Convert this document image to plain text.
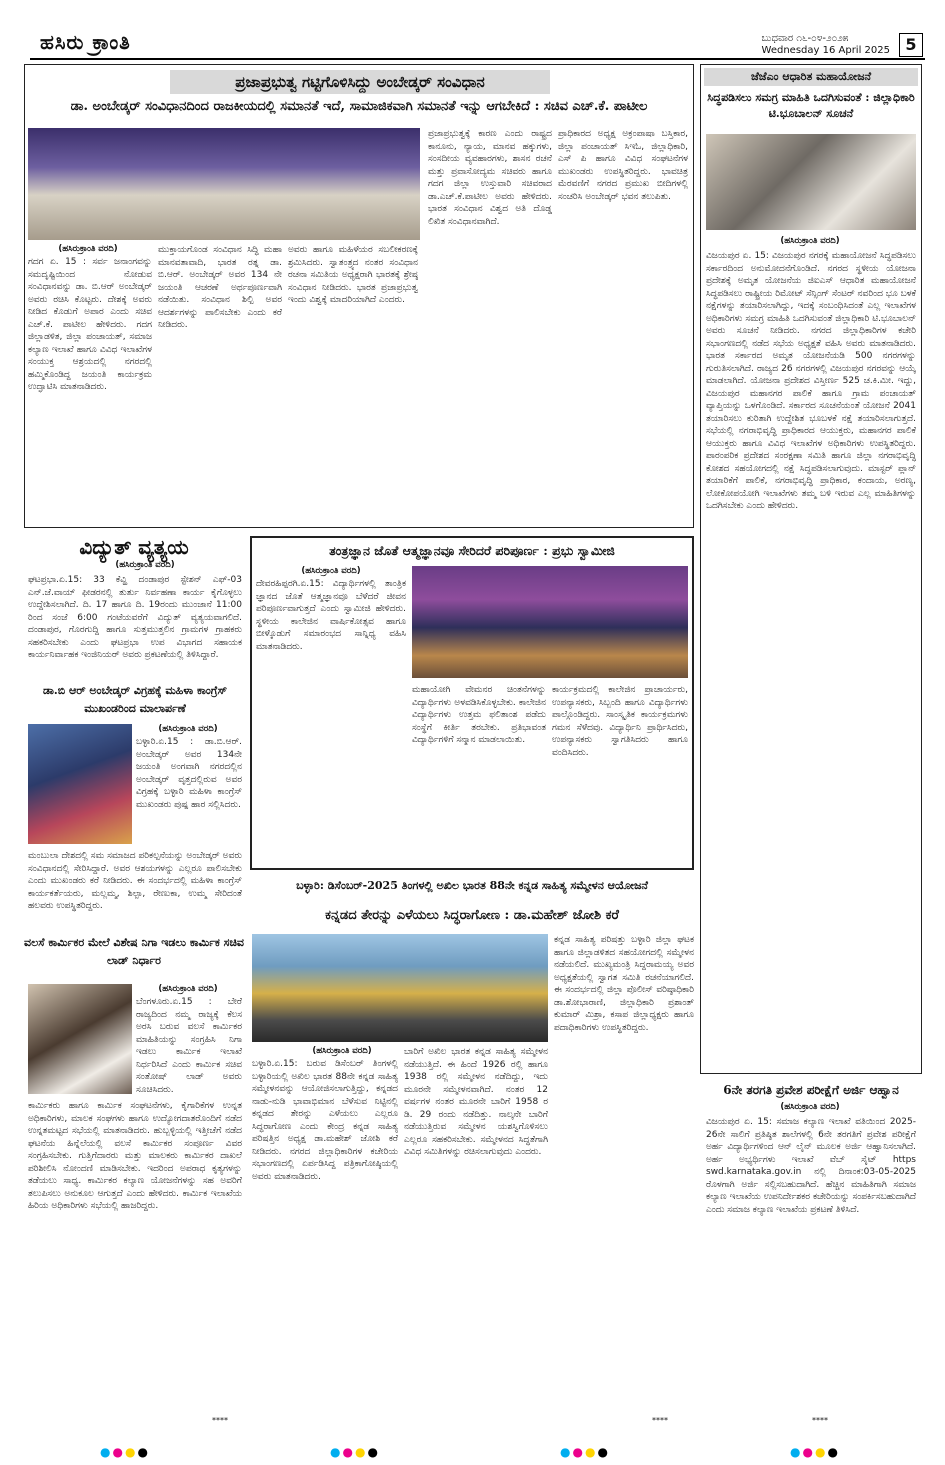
ಹಸಿರು ಕ್ರಾಂತಿ	ಬುಧವಾರ ೧೬-೦೪-೨೦೨೫
Wednesday 16 April 2025 5
ಪ್ರಜಾಪ್ರಭುತ್ವ ಗಟ್ಟಿಗೊಳಿಸಿದ್ದು ಅಂಬೇಡ್ಕರ್ ಸಂವಿಧಾನ
ಡಾ. ಅಂಬೇಡ್ಕರ್ ಸಂವಿಧಾನದಿಂದ ರಾಜಕೀಯದಲ್ಲಿ ಸಮಾನತೆ ಇದೆ, ಸಾಮಾಜಿಕವಾಗಿ ಸಮಾನತೆ ಇನ್ನು ಆಗಬೇಕಿದೆ : ಸಚಿವ ಎಚ್.ಕೆ. ಪಾಟೀಲ
(ಹಸಿರುಕ್ರಾಂತಿ ವರದಿ)
ಗದಗ ಏ. 15 : ಸರ್ವ ಜನಾಂಗವನ್ನು ಸಮದೃಷ್ಟಿಯಿಂದ ನೋಡುವ ಸಂವಿಧಾನವನ್ನು ಡಾ. ಬಿ.ಆರ್ ಅಂಬೇಡ್ಕರ್ ಅವರು ರಚಿಸಿ ಕೊಟ್ಟರು. ದೇಶಕ್ಕೆ ಅವರು ನೀಡಿದ ಕೊಡುಗೆ ಅಪಾರ ಎಂದು ಸಚಿವ ಎಚ್.ಕೆ. ಪಾಟೀಲ ಹೇಳಿದರು. ಗದಗ ಜಿಲ್ಲಾಡಳಿತ, ಜಿಲ್ಲಾ ಪಂಚಾಯತ್, ಸಮಾಜ ಕಲ್ಯಾಣ ಇಲಾಖೆ ಹಾಗೂ ವಿವಿಧ ಇಲಾಖೆಗಳ ಸಂಯುಕ್ತ ಆಶ್ರಯದಲ್ಲಿ ನಗರದಲ್ಲಿ ಹಮ್ಮಿಕೊಂಡಿದ್ದ ಜಯಂತಿ ಕಾರ್ಯಕ್ರಮ ಉದ್ಘಾಟಿಸಿ ಮಾತನಾಡಿದರು.
ಮುಕ್ತಾಯಗೊಂಡ ಸಂವಿಧಾನ ಸಿದ್ಧಿ ಮಹಾ ಮಾನವತಾವಾದಿ, ಭಾರತ ರತ್ನ ಡಾ. ಬಿ.ಆರ್. ಅಂಬೇಡ್ಕರ್ ಅವರ 134 ನೇ ಜಯಂತಿ ಆಚರಣೆ ಅರ್ಥಪೂರ್ಣವಾಗಿ ನಡೆಯಿತು. ಸಂವಿಧಾನ ಶಿಲ್ಪಿ ಅವರ ಆದರ್ಶಗಳನ್ನು ಪಾಲಿಸಬೇಕು ಎಂದು ಕರೆ ನೀಡಿದರು.
ಅವರು ಹಾಗೂ ಮಹಿಳೆಯರ ಸಬಲೀಕರಣಕ್ಕೆ ಶ್ರಮಿಸಿದರು. ಸ್ವಾತಂತ್ರ್ಯದ ನಂತರ ಸಂವಿಧಾನ ರಚನಾ ಸಮಿತಿಯ ಅಧ್ಯಕ್ಷರಾಗಿ ಭಾರತಕ್ಕೆ ಶ್ರೇಷ್ಠ ಸಂವಿಧಾನ ನೀಡಿದರು. ಭಾರತ ಪ್ರಜಾಪ್ರಭುತ್ವ ಇಂದು ವಿಶ್ವಕ್ಕೆ ಮಾದರಿಯಾಗಿದೆ ಎಂದರು.
ಪ್ರಜಾಪ್ರಭುತ್ವಕ್ಕೆ ಕಾರಣ ಎಂದು ರಾಷ್ಟ್ರದ ಕಾನೂನು, ನ್ಯಾಯ, ಮಾನವ ಹಕ್ಕುಗಳು, ಸಂಸದೀಯ ವ್ಯವಹಾರಗಳು, ಶಾಸನ ರಚನೆ ಮತ್ತು ಪ್ರವಾಸೋದ್ಯಮ ಸಚಿವರು ಹಾಗೂ ಗದಗ ಜಿಲ್ಲಾ ಉಸ್ತುವಾರಿ ಸಚಿವರಾದ ಡಾ.ಎಚ್.ಕೆ.ಪಾಟೀಲ ಅವರು ಹೇಳಿದರು. ಭಾರತ ಸಂವಿಧಾನ ವಿಶ್ವದ ಅತಿ ದೊಡ್ಡ ಲಿಖಿತ ಸಂವಿಧಾನವಾಗಿದೆ.
ಪ್ರಾಧಿಕಾರದ ಅಧ್ಯಕ್ಷ ಅಕ್ರಂಪಾಷಾ ಬಸ್ತಿಕಾರ, ಜಿಲ್ಲಾ ಪಂಚಾಯತ್ ಸಿಇಓ, ಜಿಲ್ಲಾಧಿಕಾರಿ, ಎಸ್ ಪಿ ಹಾಗೂ ವಿವಿಧ ಸಂಘಟನೆಗಳ ಮುಖಂಡರು ಉಪಸ್ಥಿತರಿದ್ದರು. ಭಾವಚಿತ್ರ ಮೆರವಣಿಗೆ ನಗರದ ಪ್ರಮುಖ ಬೀದಿಗಳಲ್ಲಿ ಸಂಚರಿಸಿ ಅಂಬೇಡ್ಕರ್ ಭವನ ತಲುಪಿತು.
ಜೆಜೆಎಂ ಆಧಾರಿತ ಮಹಾಯೋಜನೆ
ಸಿದ್ಧಪಡಿಸಲು ಸಮಗ್ರ ಮಾಹಿತಿ ಒದಗಿಸುವಂತೆ : ಜಿಲ್ಲಾಧಿಕಾರಿ ಟಿ.ಭೂಬಾಲನ್ ಸೂಚನೆ
(ಹಸಿರುಕ್ರಾಂತಿ ವರದಿ)
ವಿಜಯಪುರ ಏ. 15: ವಿಜಯಪುರ ನಗರಕ್ಕೆ ಮಹಾಯೋಜನೆ ಸಿದ್ಧಪಡಿಸಲು ಸರ್ಕಾರದಿಂದ ಅನುಮೋದನೆಗೊಂಡಿದೆ. ನಗರದ ಸ್ಥಳೀಯ ಯೋಜನಾ ಪ್ರದೇಶಕ್ಕೆ ಅಮೃತ ಯೋಜನೆಯ ಜಿಐಎಸ್ ಆಧಾರಿತ ಮಹಾಯೋಜನೆ ಸಿದ್ಧಪಡಿಸಲು ರಾಷ್ಟ್ರೀಯ ರಿಮೋಟ್ ಸೆನ್ಸಿಂಗ್ ಸೆಂಟರ್ ನವರಿಂದ ಭೂ ಬಳಕೆ ನಕ್ಷೆಗಳನ್ನು ತಯಾರಿಸಲಾಗಿದ್ದು, ಇದಕ್ಕೆ ಸಂಬಂಧಿಸಿದಂತೆ ಎಲ್ಲ ಇಲಾಖೆಗಳ ಅಧಿಕಾರಿಗಳು ಸಮಗ್ರ ಮಾಹಿತಿ ಒದಗಿಸುವಂತೆ ಜಿಲ್ಲಾಧಿಕಾರಿ ಟಿ.ಭೂಬಾಲನ್ ಅವರು ಸೂಚನೆ ನೀಡಿದರು. ನಗರದ ಜಿಲ್ಲಾಧಿಕಾರಿಗಳ ಕಚೇರಿ ಸಭಾಂಗಣದಲ್ಲಿ ನಡೆದ ಸಭೆಯ ಅಧ್ಯಕ್ಷತೆ ವಹಿಸಿ ಅವರು ಮಾತನಾಡಿದರು. ಭಾರತ ಸರ್ಕಾರದ ಅಮೃತ ಯೋಜನೆಯಡಿ 500 ನಗರಗಳನ್ನು ಗುರುತಿಸಲಾಗಿದೆ. ರಾಜ್ಯದ 26 ನಗರಗಳಲ್ಲಿ ವಿಜಯಪುರ ನಗರವನ್ನು ಆಯ್ಕೆ ಮಾಡಲಾಗಿದೆ. ಯೋಜನಾ ಪ್ರದೇಶದ ವಿಸ್ತೀರ್ಣ 525 ಚ.ಕಿ.ಮೀ. ಇದ್ದು, ವಿಜಯಪುರ ಮಹಾನಗರ ಪಾಲಿಕೆ ಹಾಗೂ ಗ್ರಾಮ ಪಂಚಾಯತ್ ವ್ಯಾಪ್ತಿಯನ್ನು ಒಳಗೊಂಡಿದೆ. ಸರ್ಕಾರದ ಸೂಚನೆಯಂತೆ ಯೋಜನೆ 2041 ತಯಾರಿಸಲು ಕುರಿತಾಗಿ ಉದ್ದೇಶಿತ ಭೂಬಳಕೆ ನಕ್ಷೆ ತಯಾರಿಸಲಾಗುತ್ತದೆ. ಸಭೆಯಲ್ಲಿ ನಗರಾಭಿವೃದ್ಧಿ ಪ್ರಾಧಿಕಾರದ ಆಯುಕ್ತರು, ಮಹಾನಗರ ಪಾಲಿಕೆ ಆಯುಕ್ತರು ಹಾಗೂ ವಿವಿಧ ಇಲಾಖೆಗಳ ಅಧಿಕಾರಿಗಳು ಉಪಸ್ಥಿತರಿದ್ದರು. ಪಾರಂಪರಿಕ ಪ್ರದೇಶದ ಸಂರಕ್ಷಣಾ ಸಮಿತಿ ಹಾಗೂ ಜಿಲ್ಲಾ ನಗರಾಭಿವೃದ್ಧಿ ಕೋಶದ ಸಹಯೋಗದಲ್ಲಿ ನಕ್ಷೆ ಸಿದ್ಧಪಡಿಸಲಾಗುವುದು. ಮಾಸ್ಟರ್ ಪ್ಲಾನ್ ತಯಾರಿಕೆಗೆ ಪಾಲಿಕೆ, ನಗರಾಭಿವೃದ್ಧಿ ಪ್ರಾಧಿಕಾರ, ಕಂದಾಯ, ಅರಣ್ಯ, ಲೋಕೋಪಯೋಗಿ ಇಲಾಖೆಗಳು ತಮ್ಮ ಬಳಿ ಇರುವ ಎಲ್ಲ ಮಾಹಿತಿಗಳನ್ನು ಒದಗಿಸಬೇಕು ಎಂದು ಹೇಳಿದರು.
6ನೇ ತರಗತಿ ಪ್ರವೇಶ ಪರೀಕ್ಷೆಗೆ ಅರ್ಜಿ ಆಹ್ವಾನ
(ಹಸಿರುಕ್ರಾಂತಿ ವರದಿ)
ವಿಜಯಪುರ ಏ. 15: ಸಮಾಜ ಕಲ್ಯಾಣ ಇಲಾಖೆ ವತಿಯಿಂದ 2025-26ನೇ ಸಾಲಿಗೆ ಪ್ರತಿಷ್ಠಿತ ಶಾಲೆಗಳಲ್ಲಿ 6ನೇ ತರಗತಿಗೆ ಪ್ರವೇಶ ಪರೀಕ್ಷೆಗೆ ಅರ್ಹ ವಿದ್ಯಾರ್ಥಿಗಳಿಂದ ಆನ್ ಲೈನ್ ಮೂಲಕ ಅರ್ಜಿ ಆಹ್ವಾನಿಸಲಾಗಿದೆ. ಅರ್ಹ ಅಭ್ಯರ್ಥಿಗಳು ಇಲಾಖೆ ವೆಬ್ ಸೈಟ್ https swd.karnataka.gov.in ನಲ್ಲಿ ದಿನಾಂಕ:03-05-2025 ರೊಳಗಾಗಿ ಅರ್ಜಿ ಸಲ್ಲಿಸಬಹುದಾಗಿದೆ. ಹೆಚ್ಚಿನ ಮಾಹಿತಿಗಾಗಿ ಸಮಾಜ ಕಲ್ಯಾಣ ಇಲಾಖೆಯ ಉಪನಿರ್ದೇಶಕರ ಕಚೇರಿಯನ್ನು ಸಂಪರ್ಕಿಸಬಹುದಾಗಿದೆ ಎಂದು ಸಮಾಜ ಕಲ್ಯಾಣ ಇಲಾಖೆಯ ಪ್ರಕಟಣೆ ತಿಳಿಸಿದೆ.
****
ವಿದ್ಯುತ್ ವ್ಯತ್ಯಯ
(ಹಸಿರುಕ್ರಾಂತಿ ವರದಿ)
ಘಟಪ್ರಭಾ.ಏ.15: 33 ಕೆವ್ಹಿ ದಂಡಾಪುರ ಸ್ಟೇಶನ್ ಎಫ್-03 ಎನ್.ಜೆ.ವಾಯ್ ಫೀಡರನಲ್ಲಿ ತುರ್ತು ನಿರ್ವಹಣಾ ಕಾರ್ಯ ಕೈಗೊಳ್ಳಲು ಉದ್ದೇಶಿಸಲಾಗಿದೆ. ದಿ. 17 ಹಾಗೂ ದಿ. 19ರಂದು ಮುಂಜಾನೆ 11:00 ರಿಂದ ಸಂಜೆ 6:00 ಗಂಟೆಯವರೆಗೆ ವಿದ್ಯುತ್ ವ್ಯತ್ಯಯವಾಗಲಿದೆ. ದಂಡಾಪುರ, ಗೊರಗುದ್ದಿ ಹಾಗೂ ಸುತ್ತಮುತ್ತಲಿನ ಗ್ರಾಮಗಳ ಗ್ರಾಹಕರು ಸಹಕರಿಸಬೇಕು ಎಂದು ಘಟಪ್ರಭಾ ಉಪ ವಿಭಾಗದ ಸಹಾಯಕ ಕಾರ್ಯನಿರ್ವಾಹಕ ಇಂಜಿನಿಯರ್ ಅವರು ಪ್ರಕಟಣೆಯಲ್ಲಿ ತಿಳಿಸಿದ್ದಾರೆ.
ಡಾ.ಬಿ ಆರ್ ಅಂಬೇಡ್ಕರ್ ವಿಗ್ರಹಕ್ಕೆ ಮಹಿಳಾ ಕಾಂಗ್ರೆಸ್ ಮುಖಂಡರಿಂದ ಮಾಲಾರ್ಪಣೆ
(ಹಸಿರುಕ್ರಾಂತಿ ವರದಿ)
ಬಳ್ಳಾರಿ.ಏ.15 : ಡಾ.ಬಿ.ಆರ್. ಅಂಬೇಡ್ಕರ್ ಅವರ 134ನೇ ಜಯಂತಿ ಅಂಗವಾಗಿ ನಗರದಲ್ಲಿನ ಅಂಬೇಡ್ಕರ್ ವೃತ್ತದಲ್ಲಿರುವ ಅವರ ವಿಗ್ರಹಕ್ಕೆ ಬಳ್ಳಾರಿ ಮಹಿಳಾ ಕಾಂಗ್ರೆಸ್ ಮುಖಂಡರು ಪುಷ್ಪ ಹಾರ ಸಲ್ಲಿಸಿದರು.
ಮಂಬುಲಾ ದೇಶದಲ್ಲಿ ಸಮ ಸಮಾಜದ ಪರಿಕಲ್ಪನೆಯನ್ನು ಅಂಬೇಡ್ಕರ್ ಅವರು ಸಂವಿಧಾನದಲ್ಲಿ ಸೇರಿಸಿದ್ದಾರೆ. ಅವರ ಆಶಯಗಳನ್ನು ಎಲ್ಲರೂ ಪಾಲಿಸಬೇಕು ಎಂದು ಮುಖಂಡರು ಕರೆ ನೀಡಿದರು. ಈ ಸಂದರ್ಭದಲ್ಲಿ ಮಹಿಳಾ ಕಾಂಗ್ರೆಸ್ ಕಾರ್ಯಕರ್ತೆಯರು, ಮಲ್ಲಮ್ಮ, ಶಿಲ್ಪಾ, ರೇಣುಕಾ, ಉಮ್ಮ ಸೇರಿದಂತೆ ಹಲವರು ಉಪಸ್ಥಿತರಿದ್ದರು.
ವಲಸೆ ಕಾರ್ಮಿಕರ ಮೇಲೆ ವಿಶೇಷ ನಿಗಾ ಇಡಲು ಕಾರ್ಮಿಕ ಸಚಿವ ಲಾಡ್ ನಿರ್ಧಾರ
(ಹಸಿರುಕ್ರಾಂತಿ ವರದಿ)
ಬೆಂಗಳೂರು.ಏ.15 : ಬೇರೆ ರಾಜ್ಯದಿಂದ ನಮ್ಮ ರಾಜ್ಯಕ್ಕೆ ಕೆಲಸ ಅರಸಿ ಬರುವ ವಲಸೆ ಕಾರ್ಮಿಕರ ಮಾಹಿತಿಯನ್ನು ಸಂಗ್ರಹಿಸಿ ನಿಗಾ ಇಡಲು ಕಾರ್ಮಿಕ ಇಲಾಖೆ ನಿರ್ಧರಿಸಿದೆ ಎಂದು ಕಾರ್ಮಿಕ ಸಚಿವ ಸಂತೋಷ್ ಲಾಡ್ ಅವರು ಸೂಚಿಸಿದರು.
ಕಾರ್ಮಿಕರು ಹಾಗೂ ಕಾರ್ಮಿಕ ಸಂಘಟನೆಗಳು, ಕೈಗಾರಿಕೆಗಳ ಉನ್ನತ ಅಧಿಕಾರಿಗಳು, ಮಾಲಕ ಸಂಘಗಳು ಹಾಗೂ ಉದ್ಯೋಗದಾತರೊಂದಿಗೆ ನಡೆದ ಉನ್ನತಮಟ್ಟದ ಸಭೆಯಲ್ಲಿ ಮಾತನಾಡಿದರು. ಹುಬ್ಬಳ್ಳಿಯಲ್ಲಿ ಇತ್ತೀಚೆಗೆ ನಡೆದ ಘಟನೆಯ ಹಿನ್ನೆಲೆಯಲ್ಲಿ ವಲಸೆ ಕಾರ್ಮಿಕರ ಸಂಪೂರ್ಣ ವಿವರ ಸಂಗ್ರಹಿಸಬೇಕು. ಗುತ್ತಿಗೆದಾರರು ಮತ್ತು ಮಾಲಕರು ಕಾರ್ಮಿಕರ ದಾಖಲೆ ಪರಿಶೀಲಿಸಿ ನೋಂದಣಿ ಮಾಡಿಸಬೇಕು. ಇದರಿಂದ ಅಪರಾಧ ಕೃತ್ಯಗಳನ್ನು ತಡೆಯಲು ಸಾಧ್ಯ. ಕಾರ್ಮಿಕರ ಕಲ್ಯಾಣ ಯೋಜನೆಗಳನ್ನು ಸಹ ಅವರಿಗೆ ತಲುಪಿಸಲು ಅನುಕೂಲ ಆಗುತ್ತದೆ ಎಂದು ಹೇಳಿದರು. ಕಾರ್ಮಿಕ ಇಲಾಖೆಯ ಹಿರಿಯ ಅಧಿಕಾರಿಗಳು ಸಭೆಯಲ್ಲಿ ಹಾಜರಿದ್ದರು.
****
ತಂತ್ರಜ್ಞಾನ ಜೊತೆ ಆತ್ಮಜ್ಞಾನವೂ ಸೇರಿದರೆ ಪರಿಪೂರ್ಣ : ಪ್ರಭು ಸ್ವಾಮೀಜಿ
(ಹಸಿರುಕ್ರಾಂತಿ ವರದಿ)
ದೇವರಹಿಪ್ಪರಗಿ.ಏ.15: ವಿದ್ಯಾರ್ಥಿಗಳಲ್ಲಿ ತಾಂತ್ರಿಕ ಜ್ಞಾನದ ಜೊತೆ ಆತ್ಮಜ್ಞಾನವೂ ಬೆಳೆದರೆ ಜೀವನ ಪರಿಪೂರ್ಣವಾಗುತ್ತದೆ ಎಂದು ಸ್ವಾಮೀಜಿ ಹೇಳಿದರು. ಸ್ಥಳೀಯ ಕಾಲೇಜಿನ ವಾರ್ಷಿಕೋತ್ಸವ ಹಾಗೂ ಬೀಳ್ಕೊಡುಗೆ ಸಮಾರಂಭದ ಸಾನ್ನಿಧ್ಯ ವಹಿಸಿ ಮಾತನಾಡಿದರು.
ಮಹಾಯೋಗಿ ವೇಮನರ ಚಿಂತನೆಗಳನ್ನು ವಿದ್ಯಾರ್ಥಿಗಳು ಅಳವಡಿಸಿಕೊಳ್ಳಬೇಕು. ಕಾಲೇಜಿನ ವಿದ್ಯಾರ್ಥಿಗಳು ಉತ್ತಮ ಫಲಿತಾಂಶ ಪಡೆದು ಸಂಸ್ಥೆಗೆ ಕೀರ್ತಿ ತರಬೇಕು. ಪ್ರತಿಭಾವಂತ ವಿದ್ಯಾರ್ಥಿಗಳಿಗೆ ಸನ್ಮಾನ ಮಾಡಲಾಯಿತು.
ಕಾರ್ಯಕ್ರಮದಲ್ಲಿ ಕಾಲೇಜಿನ ಪ್ರಾಚಾರ್ಯರು, ಉಪನ್ಯಾಸಕರು, ಸಿಬ್ಬಂದಿ ಹಾಗೂ ವಿದ್ಯಾರ್ಥಿಗಳು ಪಾಲ್ಗೊಂಡಿದ್ದರು. ಸಾಂಸ್ಕೃತಿಕ ಕಾರ್ಯಕ್ರಮಗಳು ಗಮನ ಸೆಳೆದವು. ವಿದ್ಯಾರ್ಥಿನಿ ಪ್ರಾರ್ಥಿಸಿದರು, ಉಪನ್ಯಾಸಕರು ಸ್ವಾಗತಿಸಿದರು ಹಾಗೂ ವಂದಿಸಿದರು.
ಬಳ್ಳಾರಿ: ಡಿಸೆಂಬರ್-2025 ತಿಂಗಳಲ್ಲಿ ಅಖಿಲ ಭಾರತ 88ನೇ ಕನ್ನಡ ಸಾಹಿತ್ಯ ಸಮ್ಮೇಳನ ಆಯೋಜನೆ
ಕನ್ನಡದ ತೇರನ್ನು ಎಳೆಯಲು ಸಿದ್ಧರಾಗೋಣ : ಡಾ.ಮಹೇಶ್ ಜೋಶಿ ಕರೆ
(ಹಸಿರುಕ್ರಾಂತಿ ವರದಿ)
ಬಳ್ಳಾರಿ.ಏ.15: ಬರುವ ಡಿಸೆಂಬರ್ ತಿಂಗಳಲ್ಲಿ ಬಳ್ಳಾರಿಯಲ್ಲಿ ಅಖಿಲ ಭಾರತ 88ನೇ ಕನ್ನಡ ಸಾಹಿತ್ಯ ಸಮ್ಮೇಳನವನ್ನು ಆಯೋಜಿಸಲಾಗುತ್ತಿದ್ದು, ಕನ್ನಡದ ನಾಡು-ನುಡಿ ಭಾವಾಭಿಮಾನ ಬೆಳೆಸುವ ನಿಟ್ಟಿನಲ್ಲಿ ಕನ್ನಡದ ತೇರನ್ನು ಎಳೆಯಲು ಎಲ್ಲರೂ ಸಿದ್ಧರಾಗೋಣ ಎಂದು ಕೇಂದ್ರ ಕನ್ನಡ ಸಾಹಿತ್ಯ ಪರಿಷತ್ತಿನ ಅಧ್ಯಕ್ಷ ಡಾ.ಮಹೇಶ್ ಜೋಶಿ ಕರೆ ನೀಡಿದರು. ನಗರದ ಜಿಲ್ಲಾಧಿಕಾರಿಗಳ ಕಚೇರಿಯ ಸಭಾಂಗಣದಲ್ಲಿ ಏರ್ಪಡಿಸಿದ್ದ ಪತ್ರಿಕಾಗೋಷ್ಠಿಯಲ್ಲಿ ಅವರು ಮಾತನಾಡಿದರು.
ಬಾರಿಗೆ ಅಖಿಲ ಭಾರತ ಕನ್ನಡ ಸಾಹಿತ್ಯ ಸಮ್ಮೇಳನ ನಡೆಯುತ್ತಿದೆ. ಈ ಹಿಂದೆ 1926 ರಲ್ಲಿ ಹಾಗೂ 1938 ರಲ್ಲಿ ಸಮ್ಮೇಳನ ನಡೆದಿದ್ದು, ಇದು ಮೂರನೇ ಸಮ್ಮೇಳನವಾಗಿದೆ. ನಂತರ 12 ವರ್ಷಗಳ ನಂತರ ಮೂರನೇ ಬಾರಿಗೆ 1958 ರ ಡಿ. 29 ರಂದು ನಡೆದಿತ್ತು. ನಾಲ್ಕನೇ ಬಾರಿಗೆ ನಡೆಯುತ್ತಿರುವ ಸಮ್ಮೇಳನ ಯಶಸ್ವಿಗೊಳಿಸಲು ಎಲ್ಲರೂ ಸಹಕರಿಸಬೇಕು. ಸಮ್ಮೇಳನದ ಸಿದ್ಧತೆಗಾಗಿ ವಿವಿಧ ಸಮಿತಿಗಳನ್ನು ರಚಿಸಲಾಗುವುದು ಎಂದರು.
ಕನ್ನಡ ಸಾಹಿತ್ಯ ಪರಿಷತ್ತು ಬಳ್ಳಾರಿ ಜಿಲ್ಲಾ ಘಟಕ ಹಾಗೂ ಜಿಲ್ಲಾಡಳಿತದ ಸಹಯೋಗದಲ್ಲಿ ಸಮ್ಮೇಳನ ನಡೆಯಲಿದೆ. ಮುಖ್ಯಮಂತ್ರಿ ಸಿದ್ದರಾಮಯ್ಯ ಅವರ ಅಧ್ಯಕ್ಷತೆಯಲ್ಲಿ ಸ್ವಾಗತ ಸಮಿತಿ ರಚನೆಯಾಗಲಿದೆ. ಈ ಸಂದರ್ಭದಲ್ಲಿ ಜಿಲ್ಲಾ ಪೊಲೀಸ್ ವರಿಷ್ಠಾಧಿಕಾರಿ ಡಾ.ಶೋಭಾರಾಣಿ, ಜಿಲ್ಲಾಧಿಕಾರಿ ಪ್ರಶಾಂತ್ ಕುಮಾರ್ ಮಿಶ್ರಾ, ಕಸಾಪ ಜಿಲ್ಲಾಧ್ಯಕ್ಷರು ಹಾಗೂ ಪದಾಧಿಕಾರಿಗಳು ಉಪಸ್ಥಿತರಿದ್ದರು.
****
●●●●	●●●●	●●●●	●●●●
